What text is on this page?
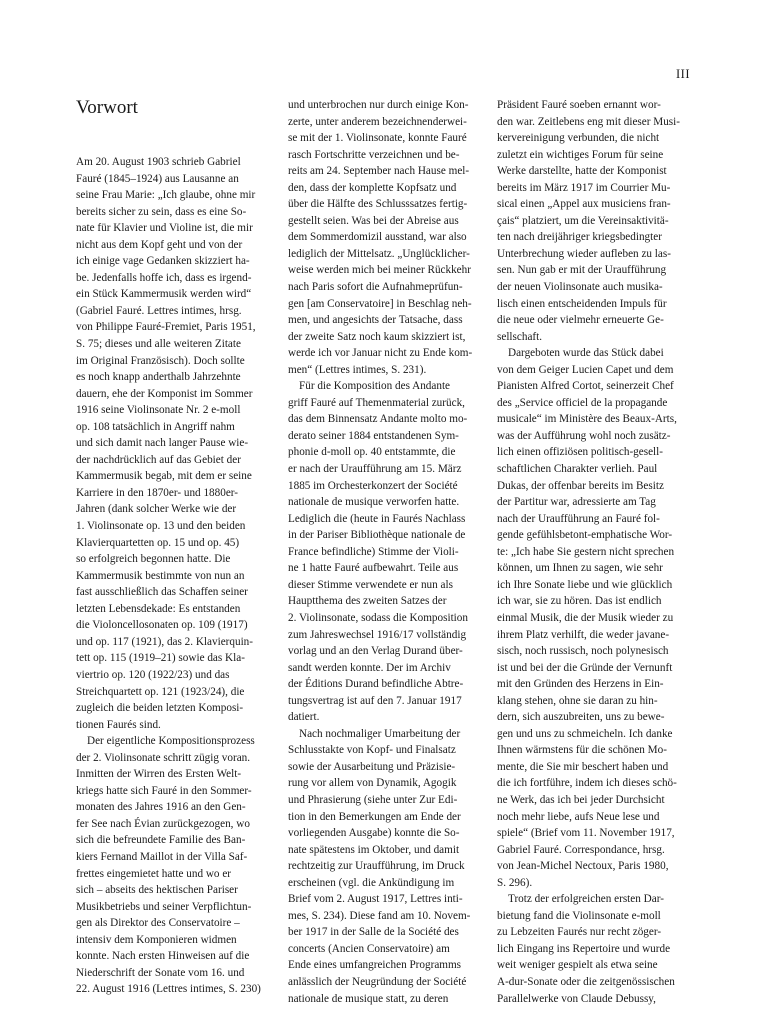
III
Vorwort
Am 20. August 1903 schrieb Gabriel
Fauré (1845–1924) aus Lausanne an
seine Frau Marie: „Ich glaube, ohne mir
bereits sicher zu sein, dass es eine So-
nate für Klavier und Violine ist, die mir
nicht aus dem Kopf geht und von der
ich einige vage Gedanken skizziert ha-
be. Jedenfalls hoffe ich, dass es irgend-
ein Stück Kammermusik werden wird“
(Gabriel Fauré. Lettres intimes, hrsg.
von Philippe Fauré-Fremiet, Paris 1951,
S. 75; dieses und alle weiteren Zitate
im Original Französisch). Doch sollte
es noch knapp anderthalb Jahrzehnte
dauern, ehe der Komponist im Sommer
1916 seine Violinsonate Nr. 2 e-moll
op. 108 tatsächlich in Angriff nahm
und sich damit nach langer Pause wie-
der nachdrücklich auf das Gebiet der
Kammermusik begab, mit dem er seine
Karriere in den 1870er- und 1880er-
Jahren (dank solcher Werke wie der
1. Violinsonate op. 13 und den beiden
Klavierquartetten op. 15 und op. 45)
so erfolgreich begonnen hatte. Die
Kammermusik bestimmte von nun an
fast ausschließlich das Schaffen seiner
letzten Lebensdekade: Es entstanden
die Violoncellosonaten op. 109 (1917)
und op. 117 (1921), das 2. Klavierquin-
tett op. 115 (1919–21) sowie das Kla-
viertrio op. 120 (1922/23) und das
Streichquartett op. 121 (1923/24), die
zugleich die beiden letzten Komposi-
tionen Faurés sind.
Der eigentliche Kompositionsprozess
der 2. Violinsonate schritt zügig voran.
Inmitten der Wirren des Ersten Welt-
kriegs hatte sich Fauré in den Sommer-
monaten des Jahres 1916 an den Gen-
fer See nach Évian zurückgezogen, wo
sich die befreundete Familie des Ban-
kiers Fernand Maillot in der Villa Saf-
frettes eingemietet hatte und wo er
sich – abseits des hektischen Pariser
Musikbetriebs und seiner Verpflichtun-
gen als Direktor des Conservatoire –
intensiv dem Komponieren widmen
konnte. Nach ersten Hinweisen auf die
Niederschrift der Sonate vom 16. und
22. August 1916 (Lettres intimes, S. 230)
und unterbrochen nur durch einige Kon-
zerte, unter anderem bezeichnenderwei-
se mit der 1. Violinsonate, konnte Fauré
rasch Fortschritte verzeichnen und be-
reits am 24. September nach Hause mel-
den, dass der komplette Kopfsatz und
über die Hälfte des Schlusssatzes fertig-
gestellt seien. Was bei der Abreise aus
dem Sommerdomizil ausstand, war also
lediglich der Mittelsatz. „Unglücklicher-
weise werden mich bei meiner Rückkehr
nach Paris sofort die Aufnahmeprüfun-
gen [am Conservatoire] in Beschlag neh-
men, und angesichts der Tatsache, dass
der zweite Satz noch kaum skizziert ist,
werde ich vor Januar nicht zu Ende kom-
men“ (Lettres intimes, S. 231).
Für die Komposition des Andante
griff Fauré auf Themenmaterial zurück,
das dem Binnensatz Andante molto mo-
derato seiner 1884 entstandenen Sym-
phonie d-moll op. 40 entstammte, die
er nach der Uraufführung am 15. März
1885 im Orchesterkonzert der Société
nationale de musique verworfen hatte.
Lediglich die (heute in Faurés Nachlass
in der Pariser Bibliothèque nationale de
France befindliche) Stimme der Violi-
ne 1 hatte Fauré aufbewahrt. Teile aus
dieser Stimme verwendete er nun als
Hauptthema des zweiten Satzes der
2. Violinsonate, sodass die Komposition
zum Jahreswechsel 1916/17 vollständig
vorlag und an den Verlag Durand über-
sandt werden konnte. Der im Archiv
der Éditions Durand befindliche Abtre-
tungsvertrag ist auf den 7. Januar 1917
datiert.
Nach nochmaliger Umarbeitung der
Schlusstakte von Kopf- und Finalsatz
sowie der Ausarbeitung und Präzisie-
rung vor allem von Dynamik, Agogik
und Phrasierung (siehe unter Zur Edi-
tion in den Bemerkungen am Ende der
vorliegenden Ausgabe) konnte die So-
nate spätestens im Oktober, und damit
rechtzeitig zur Uraufführung, im Druck
erscheinen (vgl. die Ankündigung im
Brief vom 2. August 1917, Lettres inti-
mes, S. 234). Diese fand am 10. Novem-
ber 1917 in der Salle de la Société des
concerts (Ancien Conservatoire) am
Ende eines umfangreichen Programms
anlässlich der Neugründung der Société
nationale de musique statt, zu deren
Präsident Fauré soeben ernannt wor-
den war. Zeitlebens eng mit dieser Musi-
kervereinigung verbunden, die nicht
zuletzt ein wichtiges Forum für seine
Werke darstellte, hatte der Komponist
bereits im März 1917 im Courrier Mu-
sical einen „Appel aux musiciens fran-
çais“ platziert, um die Vereinsaktivitä-
ten nach dreijähriger kriegsbedingter
Unterbrechung wieder aufleben zu las-
sen. Nun gab er mit der Uraufführung
der neuen Violinsonate auch musika-
lisch einen entscheidenden Impuls für
die neue oder vielmehr erneuerte Ge-
sellschaft.
Dargeboten wurde das Stück dabei
von dem Geiger Lucien Capet und dem
Pianisten Alfred Cortot, seinerzeit Chef
des „Service officiel de la propagande
musicale“ im Ministère des Beaux-Arts,
was der Aufführung wohl noch zusätz-
lich einen offiziösen politisch-gesell-
schaftlichen Charakter verlieh. Paul
Dukas, der offenbar bereits im Besitz
der Partitur war, adressierte am Tag
nach der Uraufführung an Fauré fol-
gende gefühlsbetont-emphatische Wor-
te: „Ich habe Sie gestern nicht sprechen
können, um Ihnen zu sagen, wie sehr
ich Ihre Sonate liebe und wie glücklich
ich war, sie zu hören. Das ist endlich
einmal Musik, die der Musik wieder zu
ihrem Platz verhilft, die weder javane-
sisch, noch russisch, noch polynesisch
ist und bei der die Gründe der Vernunft
mit den Gründen des Herzens in Ein-
klang stehen, ohne sie daran zu hin-
dern, sich auszubreiten, uns zu bewe-
gen und uns zu schmeicheln. Ich danke
Ihnen wärmstens für die schönen Mo-
mente, die Sie mir beschert haben und
die ich fortführe, indem ich dieses schö-
ne Werk, das ich bei jeder Durchsicht
noch mehr liebe, aufs Neue lese und
spiele“ (Brief vom 11. November 1917,
Gabriel Fauré. Correspondance, hrsg.
von Jean-Michel Nectoux, Paris 1980,
S. 296).
Trotz der erfolgreichen ersten Dar-
bietung fand die Violinsonate e-moll
zu Lebzeiten Faurés nur recht zöger-
lich Eingang ins Repertoire und wurde
weit weniger gespielt als etwa seine
A-dur-Sonate oder die zeitgenössischen
Parallelwerke von Claude Debussy,
